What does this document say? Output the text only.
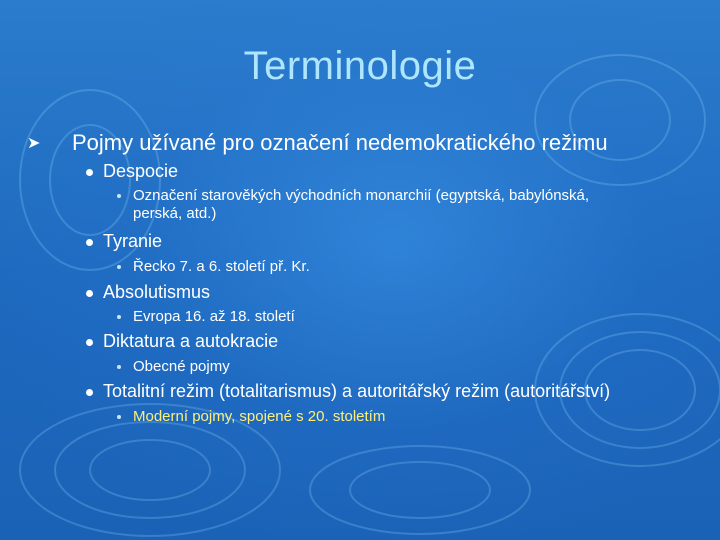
Terminologie
➤ Pojmy užívané pro označení nedemokratického režimu
Despocie
Označení starověkých východních monarchií (egyptská, babylónská, perská, atd.)
Tyranie
Řecko 7. a 6. století př. Kr.
Absolutismus
Evropa 16. až 18. století
Diktatura a autokracie
Obecné pojmy
Totalitní režim (totalitarismus) a autoritářský režim (autoritářství)
Moderní pojmy, spojené s 20. stoletím
